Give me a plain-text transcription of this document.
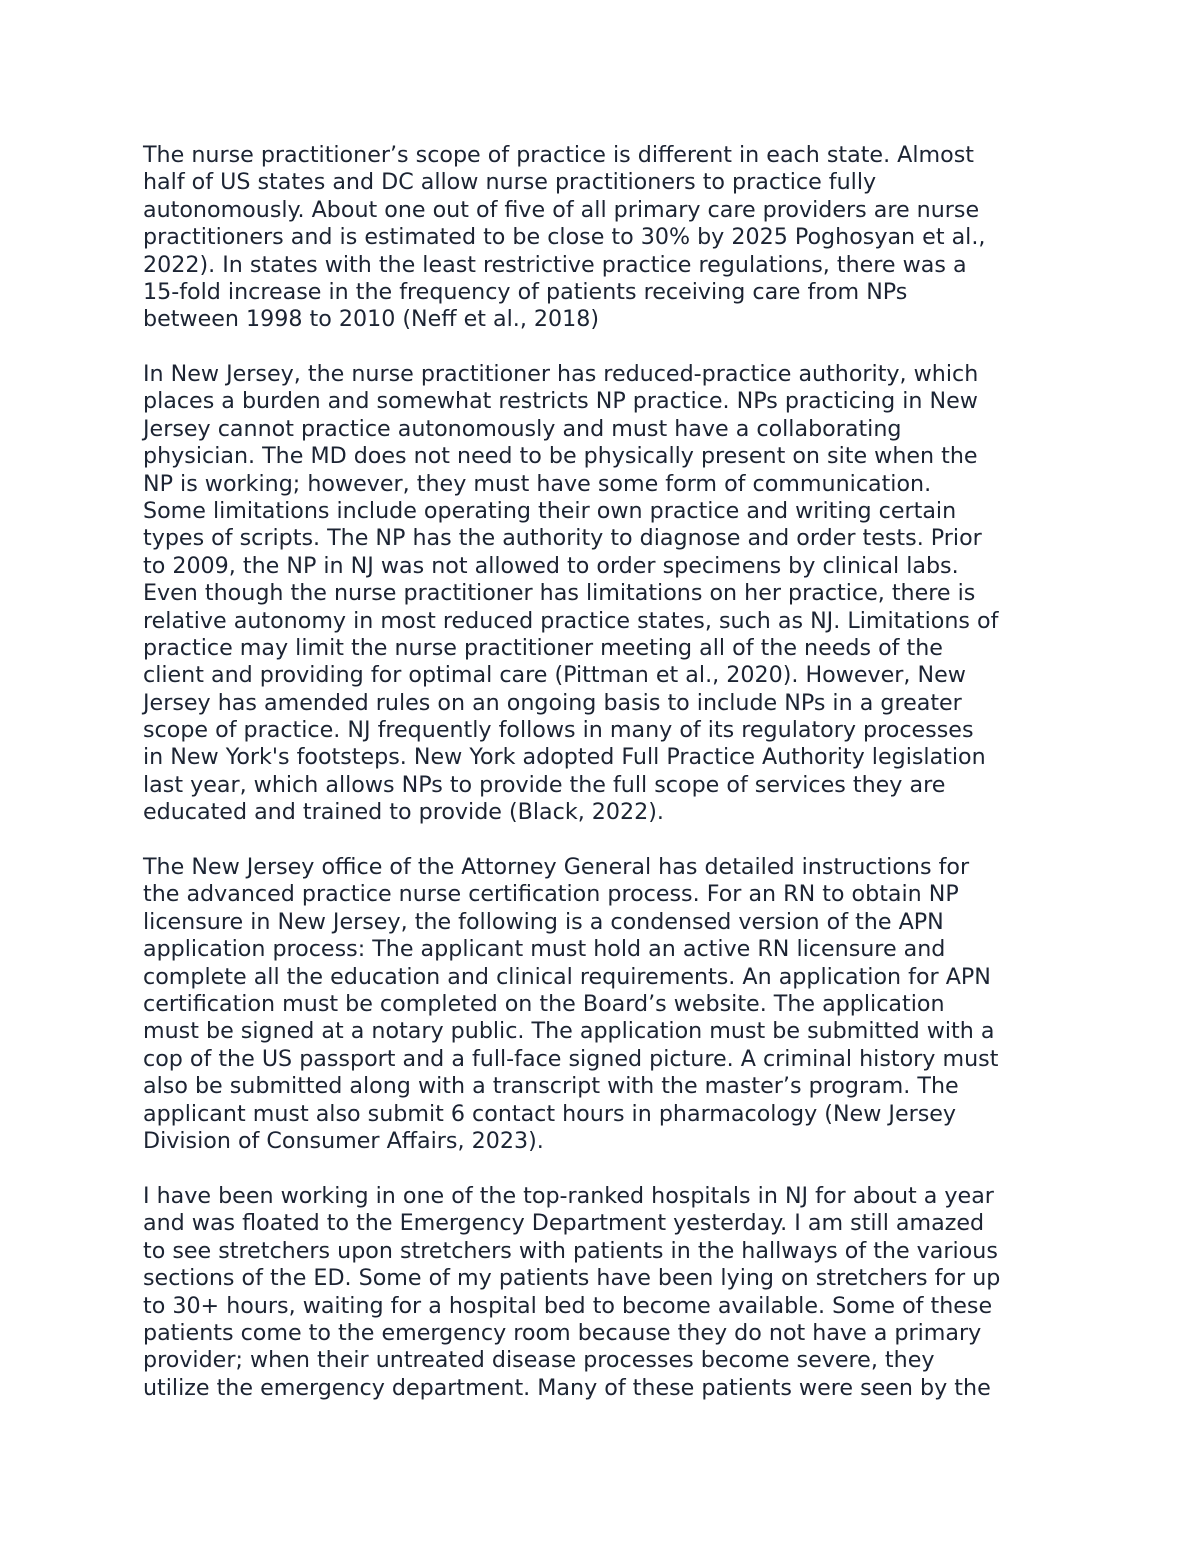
The nurse practitioner’s scope of practice is different in each state. Almost
half of US states and DC allow nurse practitioners to practice fully
autonomously. About one out of five of all primary care providers are nurse
practitioners and is estimated to be close to 30% by 2025 Poghosyan et al.,
2022). In states with the least restrictive practice regulations, there was a
15-fold increase in the frequency of patients receiving care from NPs
between 1998 to 2010 (Neff et al., 2018)
In New Jersey, the nurse practitioner has reduced-practice authority, which
places a burden and somewhat restricts NP practice. NPs practicing in New
Jersey cannot practice autonomously and must have a collaborating
physician. The MD does not need to be physically present on site when the
NP is working; however, they must have some form of communication.
Some limitations include operating their own practice and writing certain
types of scripts. The NP has the authority to diagnose and order tests. Prior
to 2009, the NP in NJ was not allowed to order specimens by clinical labs.
Even though the nurse practitioner has limitations on her practice, there is
relative autonomy in most reduced practice states, such as NJ. Limitations of
practice may limit the nurse practitioner meeting all of the needs of the
client and providing for optimal care (Pittman et al., 2020). However, New
Jersey has amended rules on an ongoing basis to include NPs in a greater
scope of practice. NJ frequently follows in many of its regulatory processes
in New York's footsteps. New York adopted Full Practice Authority legislation
last year, which allows NPs to provide the full scope of services they are
educated and trained to provide (Black, 2022).
The New Jersey office of the Attorney General has detailed instructions for
the advanced practice nurse certification process. For an RN to obtain NP
licensure in New Jersey, the following is a condensed version of the APN
application process: The applicant must hold an active RN licensure and
complete all the education and clinical requirements. An application for APN
certification must be completed on the Board’s website. The application
must be signed at a notary public. The application must be submitted with a
cop of the US passport and a full-face signed picture. A criminal history must
also be submitted along with a transcript with the master’s program. The
applicant must also submit 6 contact hours in pharmacology (New Jersey
Division of Consumer Affairs, 2023).
I have been working in one of the top-ranked hospitals in NJ for about a year
and was floated to the Emergency Department yesterday. I am still amazed
to see stretchers upon stretchers with patients in the hallways of the various
sections of the ED. Some of my patients have been lying on stretchers for up
to 30+ hours, waiting for a hospital bed to become available. Some of these
patients come to the emergency room because they do not have a primary
provider; when their untreated disease processes become severe, they
utilize the emergency department. Many of these patients were seen by the
